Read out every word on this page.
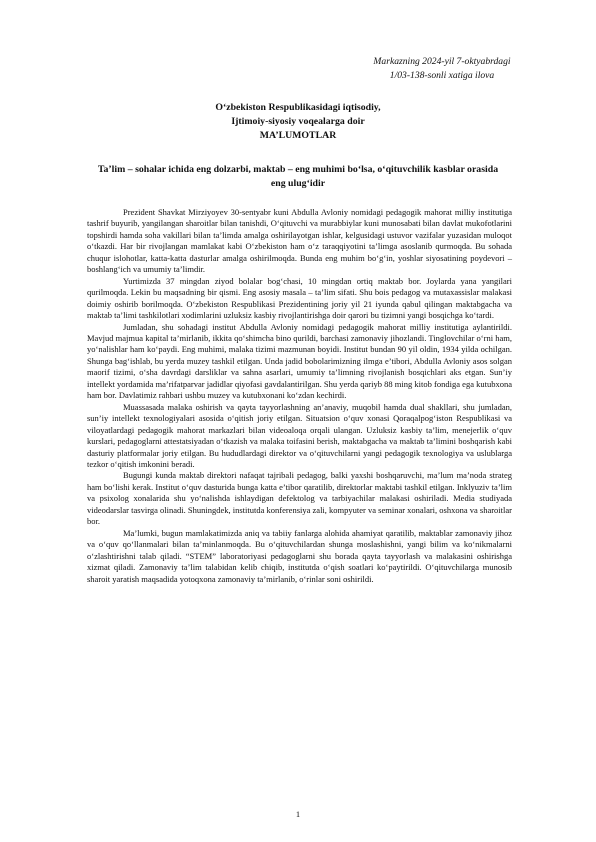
Markazning 2024-yil 7-oktyabrdagi
1/03-138-sonli xatiga ilova
O‘zbekiston Respublikasidagi iqtisodiy,
Ijtimoiy-siyosiy voqealarga doir
MA’LUMOTLAR
Ta’lim – sohalar ichida eng dolzarbi, maktab – eng muhimi bo‘lsa, o‘qituvchilik kasblar orasida eng ulug‘idir

Prezident Shavkat Mirziyoyev 30-sentyabr kuni Abdulla Avloniy nomidagi pedagogik mahorat milliy institutiga tashrif buyurib, yangilangan sharoitlar bilan tanishdi, O‘qituvchi va murabbiylar kuni munosabati bilan davlat mukofotlarini topshirdi hamda soha vakillari bilan ta’limda amalga oshirilayotgan ishlar, kelgusidagi ustuvor vazifalar yuzasidan muloqot o‘tkazdi. Har bir rivojlangan mamlakat kabi O‘zbekiston ham o‘z taraqqiyotini ta’limga asoslanib qurmoqda. Bu sohada chuqur islohotlar, katta-katta dasturlar amalga oshirilmoqda. Bunda eng muhim bo‘g‘in, yoshlar siyosatining poydevori – boshlang‘ich va umumiy ta’limdir.

Yurtimizda 37 mingdan ziyod bolalar bog‘chasi, 10 mingdan ortiq maktab bor. Joylarda yana yangilari qurilmoqda. Lekin bu maqsadning bir qismi. Eng asosiy masala – ta’lim sifati. Shu bois pedagog va mutaxassislar malakasi doimiy oshirib borilmoqda. O‘zbekiston Respublikasi Prezidentining joriy yil 21 iyunda qabul qilingan maktabgacha va maktab ta’limi tashkilotlari xodimlarini uzluksiz kasbiy rivojlantirishga doir qarori bu tizimni yangi bosqichga ko‘tardi.

Jumladan, shu sohadagi institut Abdulla Avloniy nomidagi pedagogik mahorat milliy institutiga aylantirildi. Mavjud majmua kapital ta’mirlanib, ikkita qo‘shimcha bino qurildi, barchasi zamonaviy jihozlandi. Tinglovchilar o‘rni ham, yo‘nalishlar ham ko‘paydi. Eng muhimi, malaka tizimi mazmunan boyidi. Institut bundan 90 yil oldin, 1934 yilda ochilgan. Shunga bag‘ishlab, bu yerda muzey tashkil etilgan. Unda jadid bobolarimizning ilmga e’tibori, Abdulla Avloniy asos solgan maorif tizimi, o‘sha davrdagi darsliklar va sahna asarlari, umumiy ta’limning rivojlanish bosqichlari aks etgan. Sun’iy intellekt yordamida ma’rifatparvar jadidlar qiyofasi gavdalantirilgan. Shu yerda qariyb 88 ming kitob fondiga ega kutubxona ham bor. Davlatimiz rahbari ushbu muzey va kutubxonani ko‘zdan kechirdi.

Muassasada malaka oshirish va qayta tayyorlashning an’anaviy, muqobil hamda dual shakllari, shu jumladan, sun’iy intellekt texnologiyalari asosida o‘qitish joriy etilgan. Situatsion o‘quv xonasi Qoraqalpog‘iston Respublikasi va viloyatlardagi pedagogik mahorat markazlari bilan videoaloqa orqali ulangan. Uzluksiz kasbiy ta’lim, menejerlik o‘quv kurslari, pedagoglarni attestatsiyadan o‘tkazish va malaka toifasini berish, maktabgacha va maktab ta’limini boshqarish kabi dasturiy platformalar joriy etilgan. Bu hududlardagi direktor va o‘qituvchilarni yangi pedagogik texnologiya va uslublarga tezkor o‘qitish imkonini beradi.

Bugungi kunda maktab direktori nafaqat tajribali pedagog, balki yaxshi boshqaruvchi, ma’lum ma’noda strateg ham bo‘lishi kerak. Institut o‘quv dasturida bunga katta e’tibor qaratilib, direktorlar maktabi tashkil etilgan. Inklyuziv ta’lim va psixolog xonalarida shu yo‘nalishda ishlaydigan defektolog va tarbiyachilar malakasi oshiriladi. Media studiyada videodarslar tasvirga olinadi. Shuningdek, institutda konferensiya zali, kompyuter va seminar xonalari, oshxona va sharoitlar bor.

Ma’lumki, bugun mamlakatimizda aniq va tabiiy fanlarga alohida ahamiyat qaratilib, maktablar zamonaviy jihoz va o‘quv qo‘llanmalari bilan ta’minlanmoqda. Bu o‘qituvchilardan shunga moslashishni, yangi bilim va ko‘nikmalarni o‘zlashtirishni talab qiladi. “STEM” laboratoriyasi pedagoglarni shu borada qayta tayyorlash va malakasini oshirishga xizmat qiladi. Zamonaviy ta’lim talabidan kelib chiqib, institutda o‘qish soatlari ko‘paytirildi. O‘qituvchilarga munosib sharoit yaratish maqsadida yotoqxona zamonaviy ta’mirlanib, o‘rinlar soni oshirildi.

1
